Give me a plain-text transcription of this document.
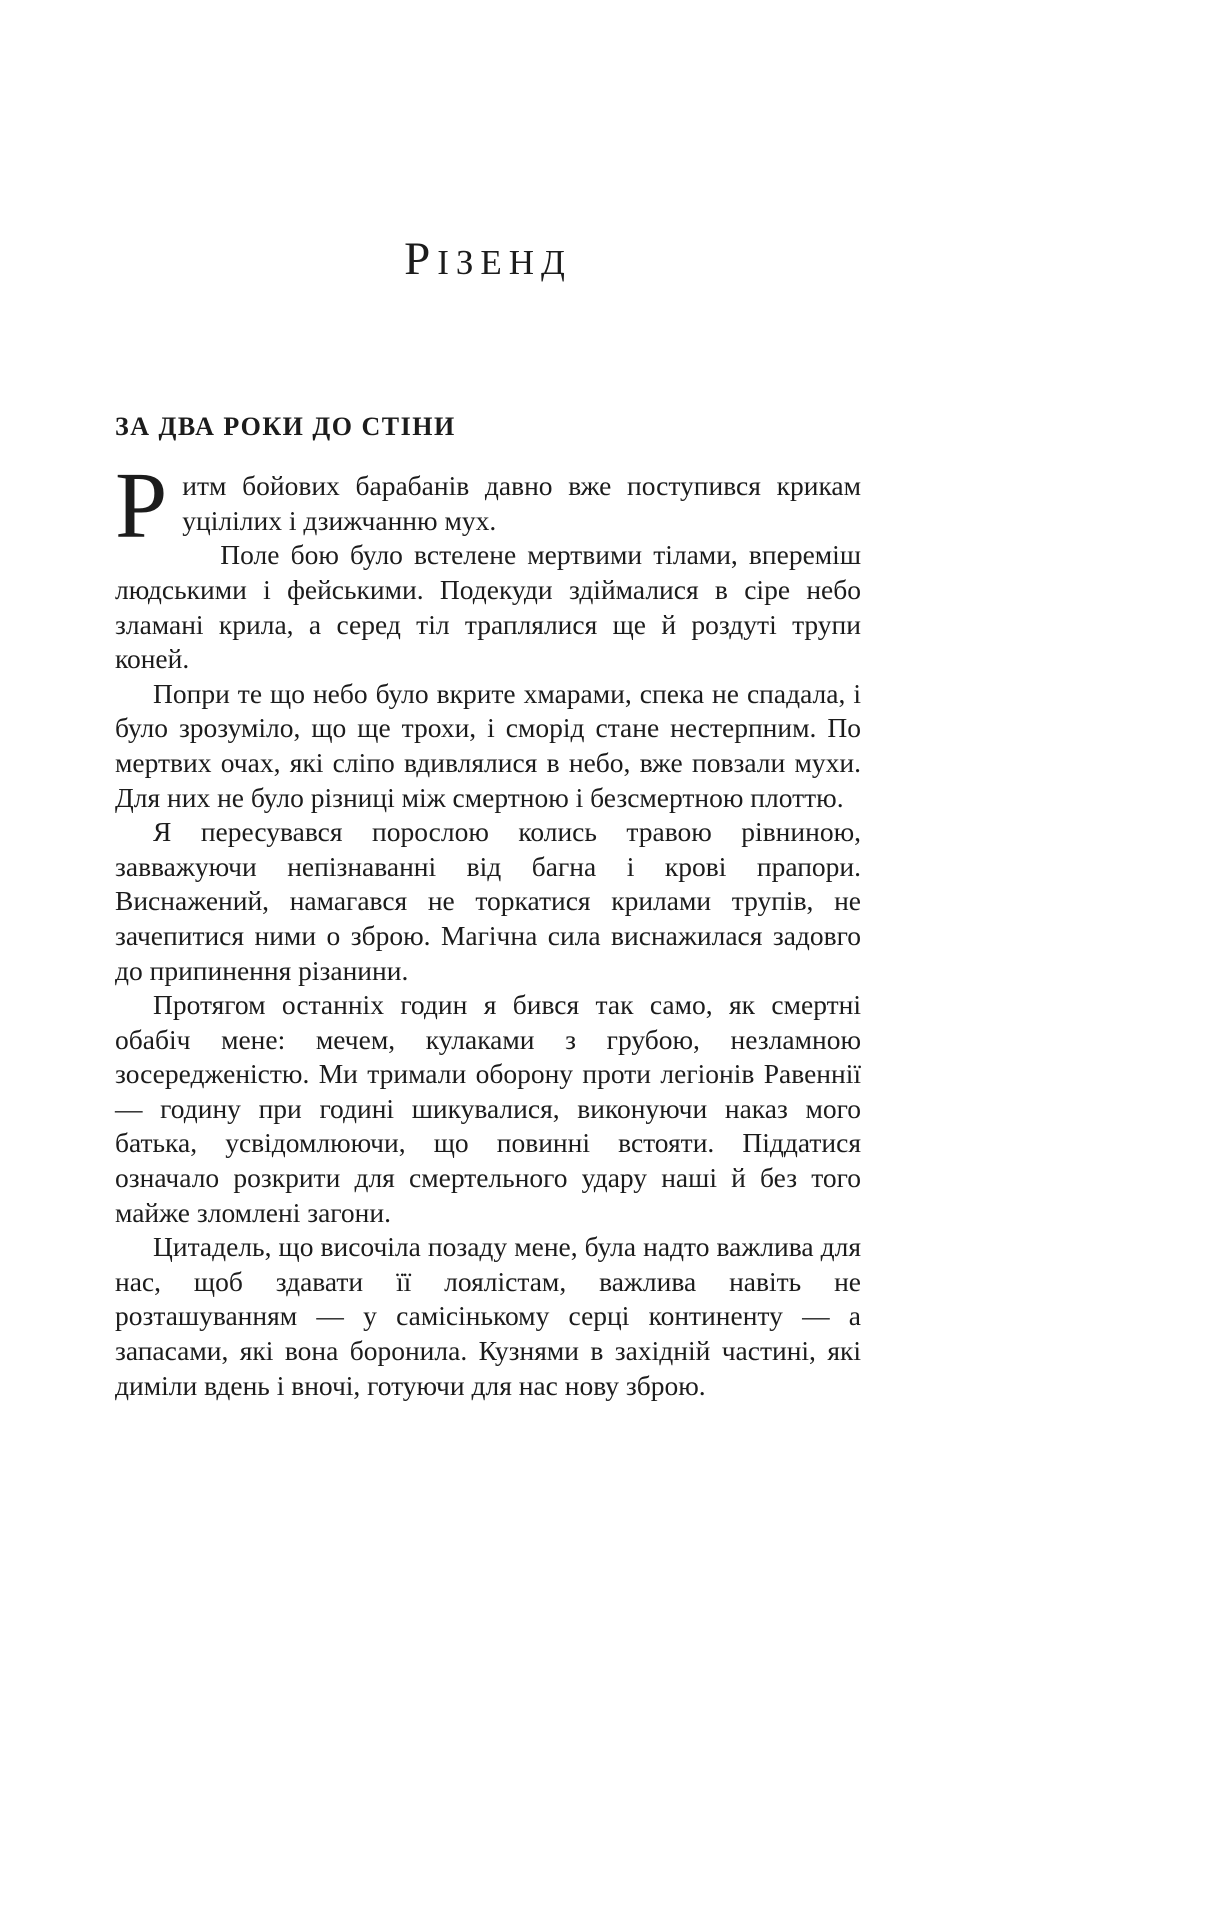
РІЗЕНД
ЗА ДВА РОКИ ДО СТІНИ

Ритм бойових барабанів давно вже поступився крикам уцілілих і дзижчанню мух.

Поле бою було встелене мертвими тілами, впереміш людськими і фейськими. Подекуди здіймалися в сіре небо зламані крила, а серед тіл траплялися ще й роздуті трупи коней.

Попри те що небо було вкрите хмарами, спека не спадала, і було зрозуміло, що ще трохи, і сморід стане нестерпним. По мертвих очах, які сліпо вдивлялися в небо, вже повзали мухи. Для них не було різниці між смертною і безсмертною плоттю.

Я пересувався порослою колись травою рівниною, завважуючи непізнаванні від багна і крові прапори. Виснажений, намагався не торкатися крилами трупів, не зачепитися ними о зброю. Магічна сила виснажилася задовго до припинення різанини.

Протягом останніх годин я бився так само, як смертні обабіч мене: мечем, кулаками з грубою, незламною зосередженістю. Ми тримали оборону проти легіонів Равеннії — годину при годині шикувалися, виконуючи наказ мого батька, усвідомлюючи, що повинні встояти. Піддатися означало розкрити для смертельного удару наші й без того майже зломлені загони.

Цитадель, що височіла позаду мене, була надто важлива для нас, щоб здавати її лоялістам, важлива навіть не розташуванням — у самісінькому серці континенту — а запасами, які вона боронила. Кузнями в західній частині, які диміли вдень і вночі, готуючи для нас нову зброю.
